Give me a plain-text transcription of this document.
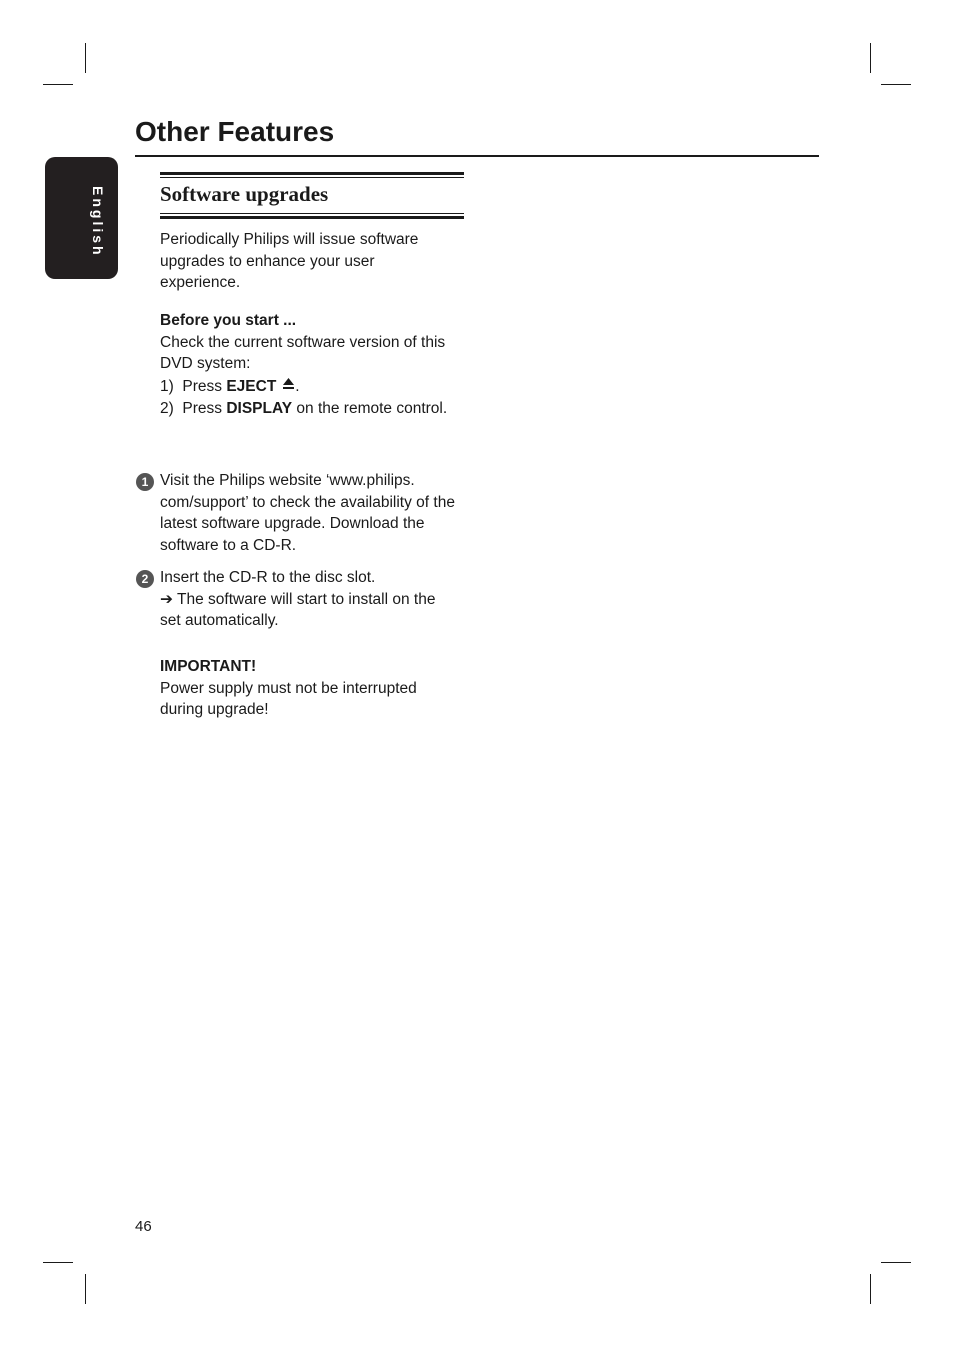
English
Other Features
Software upgrades

Periodically Philips will issue software upgrades to enhance your user experience.

Before you start ...

Check the current software version of this DVD system:

1)  Press EJECT .

2)  Press DISPLAY on the remote control.

1 Visit the Philips website ‘www.philips. com/support’ to check the availability of the latest software upgrade. Download the software to a CD-R.

2 Insert the CD-R to the disc slot.

➔ The software will start to install on the set automatically.

IMPORTANT!

Power supply must not be interrupted during upgrade!

46
